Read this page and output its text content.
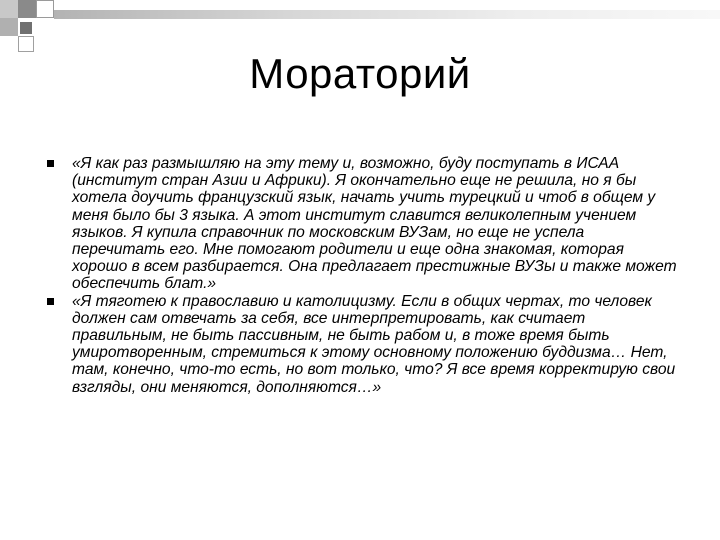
Мораторий
«Я как раз размышляю на эту тему и, возможно, буду поступать в ИСАА (институт стран Азии и Африки). Я окончательно еще не решила, но я бы хотела доучить французский язык, начать учить турецкий и чтоб в общем у меня было бы 3 языка. А этот институт славится великолепным учением языков. Я купила справочник по московским ВУЗам, но еще не успела перечитать его. Мне помогают родители и еще одна знакомая, которая хорошо в всем разбирается. Она предлагает престижные ВУЗы и также может обеспечить блат.»
«Я тяготею к православию и католицизму. Если в общих чертах, то человек должен сам отвечать за себя, все интерпретировать, как считает правильным, не быть пассивным, не быть рабом и, в тоже время быть умиротворенным, стремиться к этому основному положению буддизма… Нет, там, конечно, что-то есть, но вот только, что? Я все время корректирую свои взгляды, они меняются, дополняются…»
